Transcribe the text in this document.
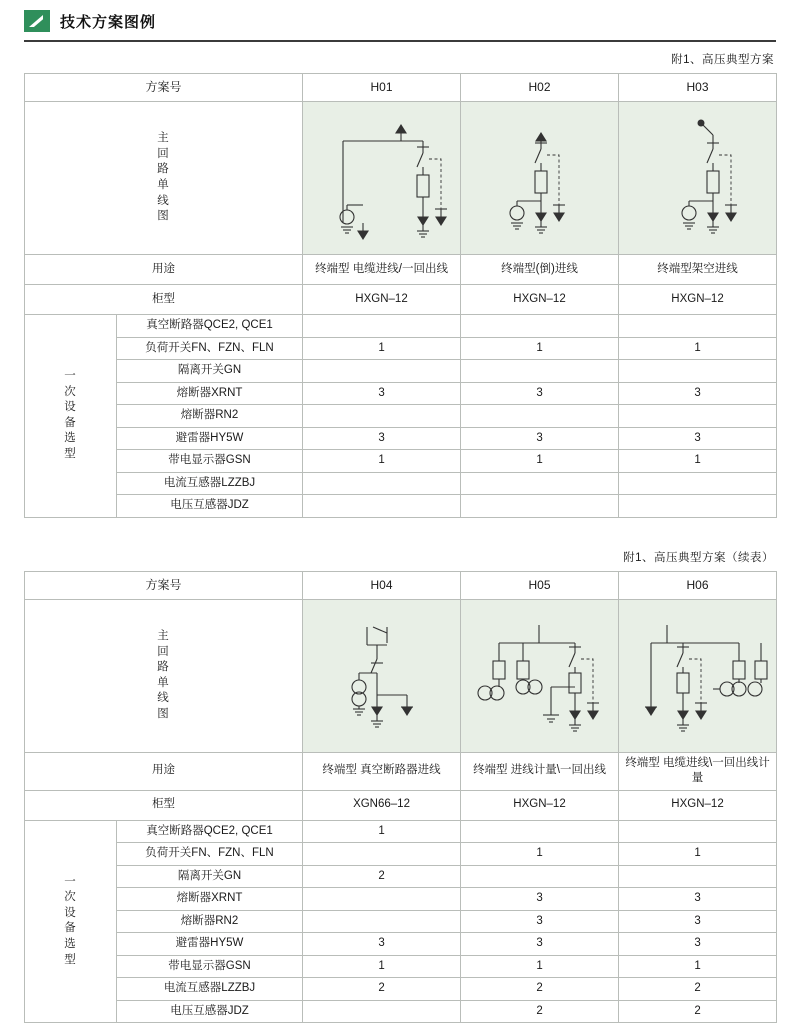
技术方案图例
附1、高压典型方案
方案号		H01	H02	H03

主
回
路
单
线
图

用途		终端型 电缆进线/一回出线	终端型(倒)进线	终端型架空进线
柜型		HXGN–12	HXGN–12	HXGN–12

一
次
设
备
选
型
	真空断路器QCE2, QCE1			
	负荷开关FN、FZN、FLN	1	1	1
	隔离开关GN			
	熔断器XRNT	3	3	3
	熔断器RN2			
	避雷器HY5W	3	3	3
	带电显示器GSN	1	1	1
	电流互感器LZZBJ			
	电压互感器JDZ			
附1、高压典型方案（续表）
方案号		H04	H05	H06

主
回
路
单
线
图

用途		终端型 真空断路器进线	终端型 进线计量\一回出线	终端型 电缆进线\一回出线计量
柜型		XGN66–12	HXGN–12	HXGN–12

一
次
设
备
选
型
	真空断路器QCE2, QCE1	1		
	负荷开关FN、FZN、FLN		1	1
	隔离开关GN	2		
	熔断器XRNT		3	3
	熔断器RN2		3	3
	避雷器HY5W	3	3	3
	带电显示器GSN	1	1	1
	电流互感器LZZBJ	2	2	2
	电压互感器JDZ		2	2
